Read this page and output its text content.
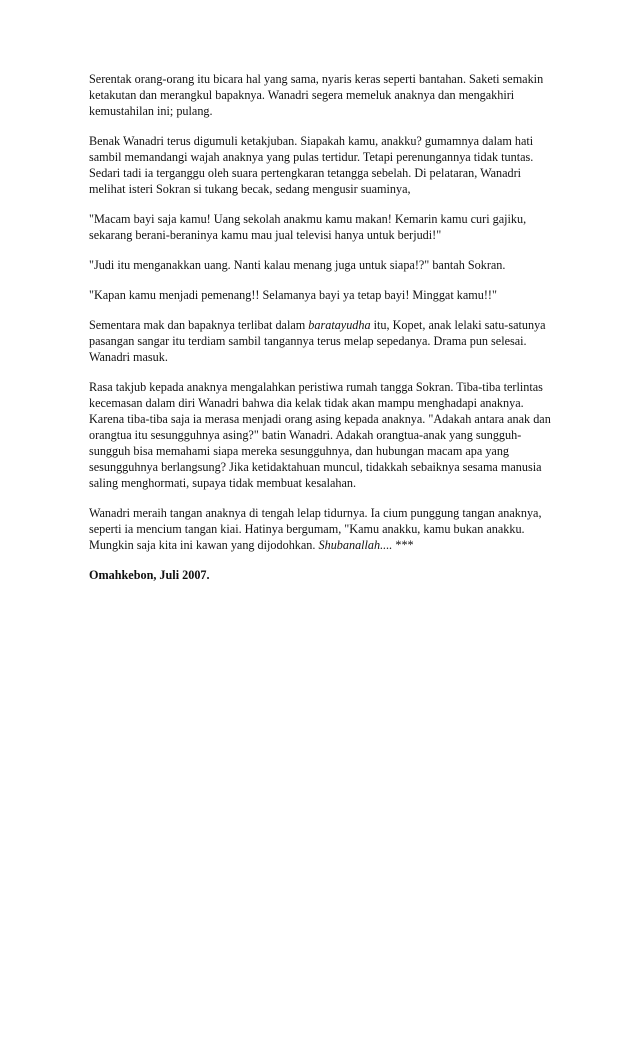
Serentak orang-orang itu bicara hal yang sama, nyaris keras seperti bantahan. Saketi semakin ketakutan dan merangkul bapaknya. Wanadri segera memeluk anaknya dan mengakhiri kemustahilan ini; pulang.

Benak Wanadri terus digumuli ketakjuban. Siapakah kamu, anakku? gumamnya dalam hati sambil memandangi wajah anaknya yang pulas tertidur. Tetapi perenungannya tidak tuntas. Sedari tadi ia terganggu oleh suara pertengkaran tetangga sebelah. Di pelataran, Wanadri melihat isteri Sokran si tukang becak, sedang mengusir suaminya,

"Macam bayi saja kamu! Uang sekolah anakmu kamu makan! Kemarin kamu curi gajiku, sekarang berani-beraninya kamu mau jual televisi hanya untuk berjudi!"

"Judi itu menganakkan uang. Nanti kalau menang juga untuk siapa!?" bantah Sokran.

"Kapan kamu menjadi pemenang!! Selamanya bayi ya tetap bayi! Minggat kamu!!"

Sementara mak dan bapaknya terlibat dalam baratayudha itu, Kopet, anak lelaki satu-satunya pasangan sangar itu terdiam sambil tangannya terus melap sepedanya. Drama pun selesai. Wanadri masuk.

Rasa takjub kepada anaknya mengalahkan peristiwa rumah tangga Sokran. Tiba-tiba terlintas kecemasan dalam diri Wanadri bahwa dia kelak tidak akan mampu menghadapi anaknya. Karena tiba-tiba saja ia merasa menjadi orang asing kepada anaknya. "Adakah antara anak dan orangtua itu sesungguhnya asing?" batin Wanadri. Adakah orangtua-anak yang sungguh-sungguh bisa memahami siapa mereka sesungguhnya, dan hubungan macam apa yang sesungguhnya berlangsung? Jika ketidaktahuan muncul, tidakkah sebaiknya sesama manusia saling menghormati, supaya tidak membuat kesalahan.

Wanadri meraih tangan anaknya di tengah lelap tidurnya. Ia cium punggung tangan anaknya, seperti ia mencium tangan kiai. Hatinya bergumam, "Kamu anakku, kamu bukan anakku. Mungkin saja kita ini kawan yang dijodohkan. Shubanallah.... ***

Omahkebon, Juli 2007.
